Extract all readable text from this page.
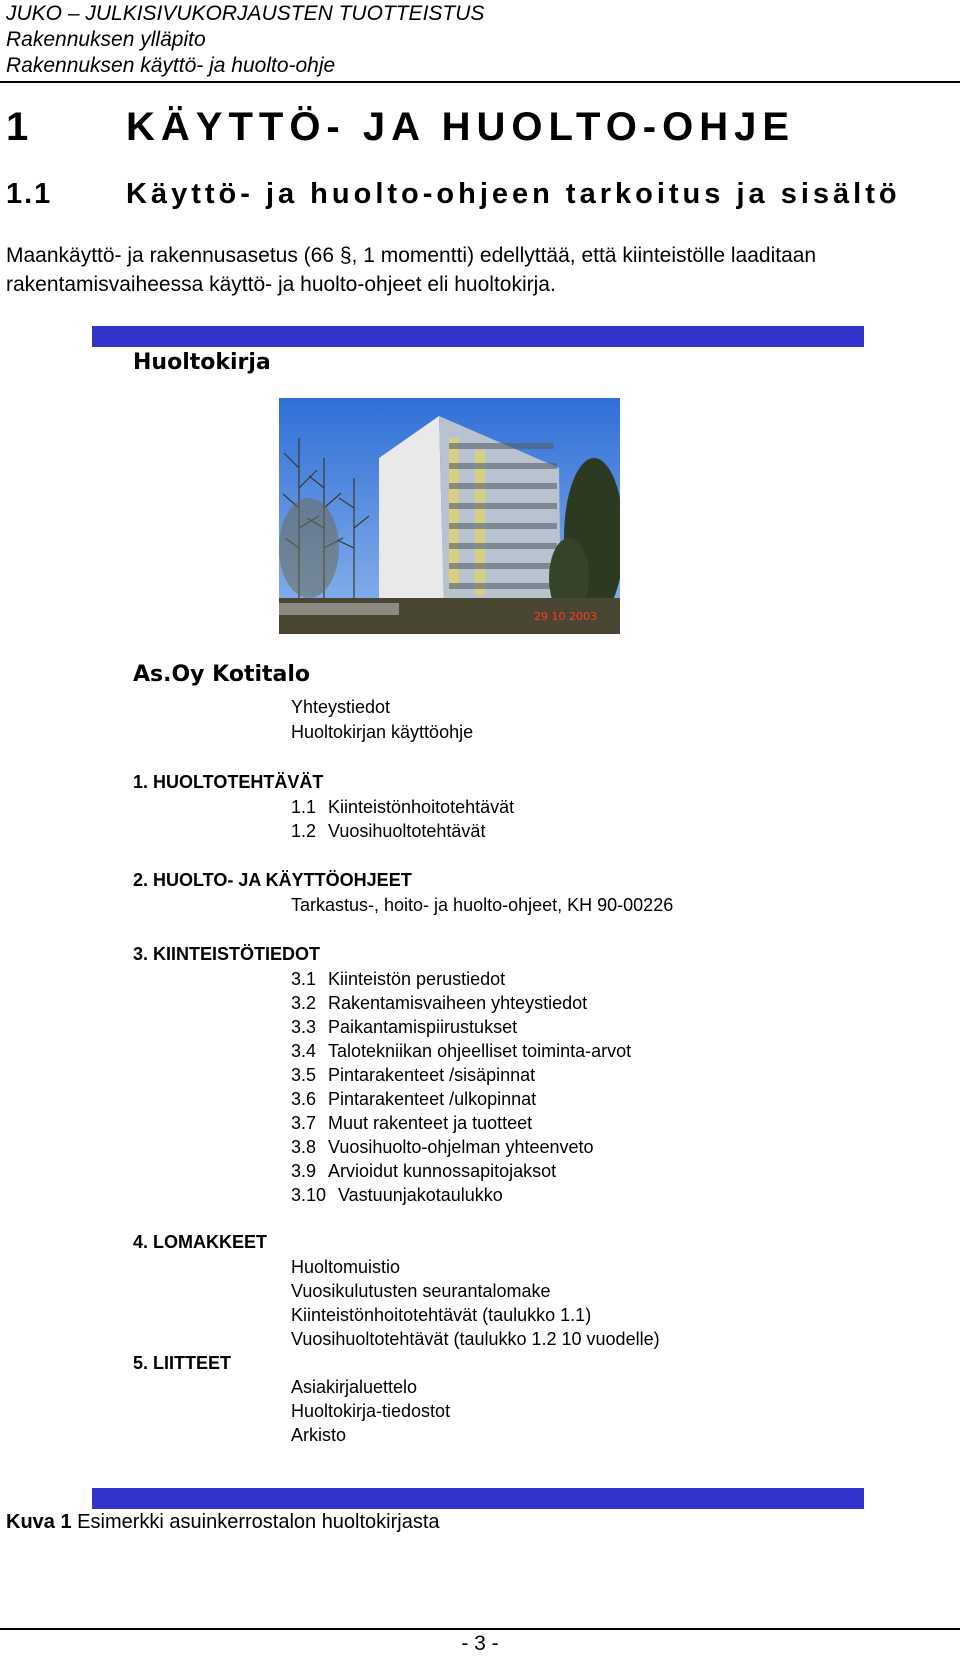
JUKO – JULKISIVUKORJAUSTEN TUOTTEISTUS
Rakennuksen ylläpito
Rakennuksen käyttö- ja huolto-ohje
1 KÄYTTÖ- JA HUOLTO-OHJE
1.1	Käyttö- ja huolto-ohjeen tarkoitus ja sisältö
Maankäyttö- ja rakennusasetus (66 §, 1 momentti) edellyttää, että kiinteistölle laaditaan rakentamisvaiheessa käyttö- ja huolto-ohjeet eli huoltokirja.
Huoltokirja
29 10 2003
As.Oy Kotitalo
Yhteystiedot
Huoltokirjan käyttöohje
1. HUOLTOTEHTÄVÄT
1.1 Kiinteistönhoitotehtävät
1.2 Vuosihuoltotehtävät
2. HUOLTO- JA KÄYTTÖOHJEET
Tarkastus-, hoito- ja huolto-ohjeet, KH 90-00226
3. KIINTEISTÖTIEDOT
3.1 Kiinteistön perustiedot
3.2 Rakentamisvaiheen yhteystiedot
3.3 Paikantamispiirustukset
3.4 Talotekniikan ohjeelliset toiminta-arvot
3.5 Pintarakenteet /sisäpinnat
3.6 Pintarakenteet /ulkopinnat
3.7 Muut rakenteet ja tuotteet
3.8 Vuosihuolto-ohjelman yhteenveto
3.9 Arvioidut kunnossapitojaksot
3.10 Vastuunjakotaulukko
4. LOMAKKEET
Huoltomuistio
Vuosikulutusten seurantalomake
Kiinteistönhoitotehtävät (taulukko 1.1)
Vuosihuoltotehtävät (taulukko 1.2 10 vuodelle)
5. LIITTEET
Asiakirjaluettelo
Huoltokirja-tiedostot
Arkisto
Kuva 1 Esimerkki asuinkerrostalon huoltokirjasta
- 3 -
